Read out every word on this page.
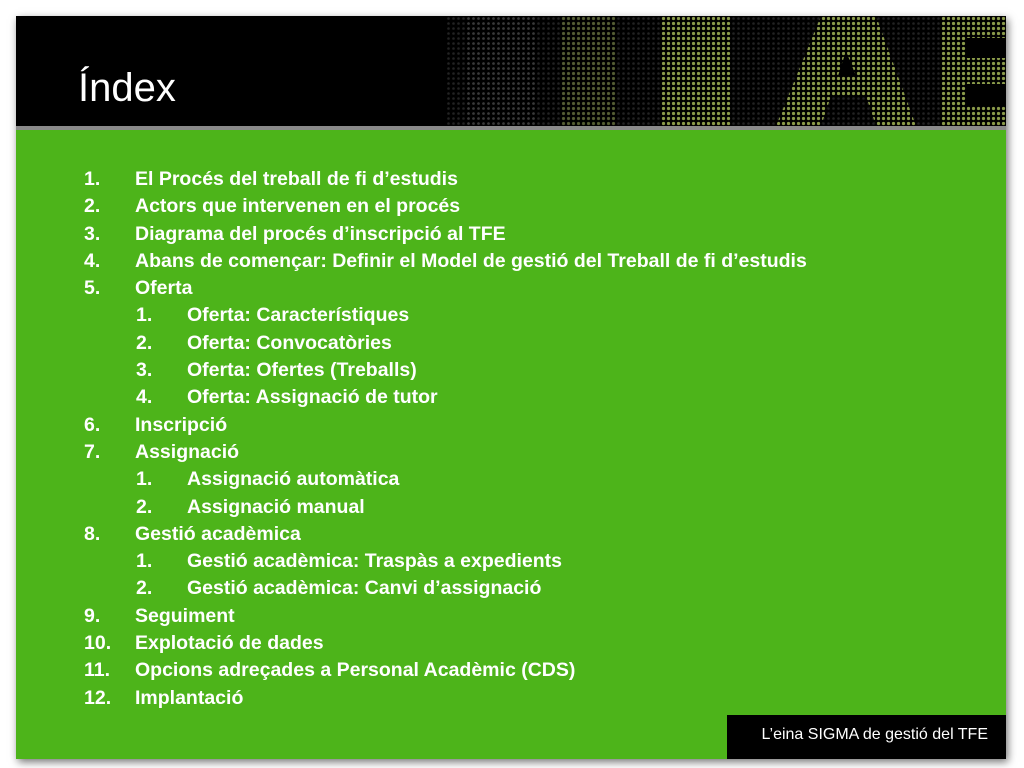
Índex
1. El Procés del treball de fi d’estudis
2. Actors que intervenen en el procés
3. Diagrama del procés d’inscripció al TFE
4. Abans de començar: Definir el Model de gestió del Treball de fi d’estudis
5. Oferta
1. Oferta: Característiques
2. Oferta: Convocatòries
3. Oferta: Ofertes (Treballs)
4. Oferta: Assignació de tutor
6. Inscripció
7. Assignació
1. Assignació automàtica
2. Assignació manual
8. Gestió acadèmica
1. Gestió acadèmica: Traspàs a expedients
2. Gestió acadèmica: Canvi d’assignació
9. Seguiment
10. Explotació de dades
11. Opcions adreçades a Personal Acadèmic (CDS)
12. Implantació
L’eina SIGMA de gestió del TFE
